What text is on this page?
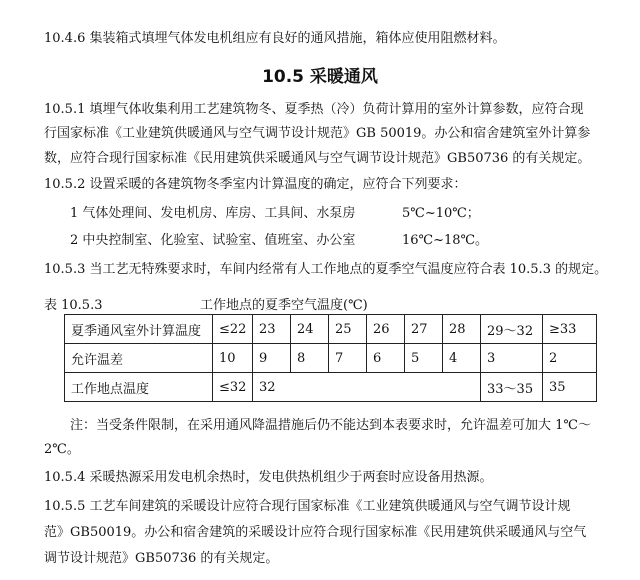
10.4.6 集装箱式填埋气体发电机组应有良好的通风措施，箱体应使用阻燃材料。
10.5 采暖通风
10.5.1 填埋气体收集利用工艺建筑物冬、夏季热（冷）负荷计算用的室外计算参数，应符合现
行国家标准《工业建筑供暖通风与空气调节设计规范》GB 50019。办公和宿舍建筑室外计算参
数，应符合现行国家标准《民用建筑供采暖通风与空气调节设计规范》GB50736 的有关规定。
10.5.2 设置采暖的各建筑物冬季室内计算温度的确定，应符合下列要求：
1 气体处理间、发电机房、库房、工具间、水泵房	5℃~10℃；
2 中央控制室、化验室、试验室、值班室、办公室	16℃~18℃。
10.5.3 当工艺无特殊要求时，车间内经常有人工作地点的夏季空气温度应符合表 10.5.3 的规定。
表 10.5.3	工作地点的夏季空气温度(℃)
夏季通风室外计算温度	≤22	23	24	25	26	27	28	29～32	≥33
允许温差	10	9	8	7	6	5	4	3	2
工作地点温度	≤32	32						33～35	35
注：当受条件限制，在采用通风降温措施后仍不能达到本表要求时，允许温差可加大 1℃～
2℃。
10.5.4 采暖热源采用发电机余热时，发电供热机组少于两套时应设备用热源。
10.5.5 工艺车间建筑的采暖设计应符合现行国家标准《工业建筑供暖通风与空气调节设计规
范》GB50019。办公和宿舍建筑的采暖设计应符合现行国家标准《民用建筑供采暖通风与空气
调节设计规范》GB50736 的有关规定。
